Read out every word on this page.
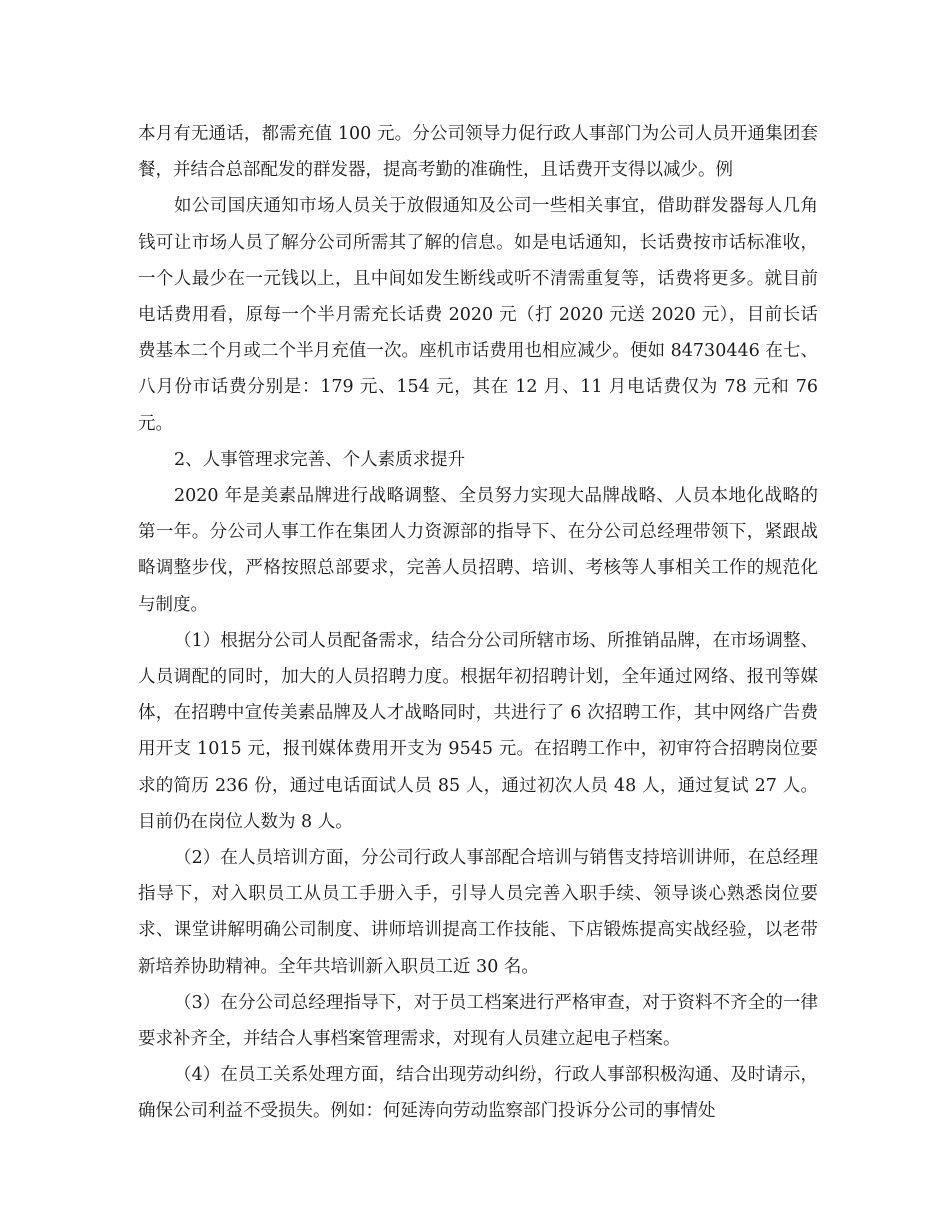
本月有无通话，都需充值 100 元。分公司领导力促行政人事部门为公司人员开通集团套餐，并结合总部配发的群发器，提高考勤的准确性，且话费开支得以减少。例

如公司国庆通知市场人员关于放假通知及公司一些相关事宜，借助群发器每人几角钱可让市场人员了解分公司所需其了解的信息。如是电话通知，长话费按市话标准收，一个人最少在一元钱以上，且中间如发生断线或听不清需重复等，话费将更多。就目前电话费用看，原每一个半月需充长话费 2020 元（打 2020 元送 2020 元），目前长话费基本二个月或二个半月充值一次。座机市话费用也相应减少。便如 84730446 在七、八月份市话费分别是：179 元、154 元，其在 12 月、11 月电话费仅为 78 元和 76 元。

2、人事管理求完善、个人素质求提升

2020 年是美素品牌进行战略调整、全员努力实现大品牌战略、人员本地化战略的第一年。分公司人事工作在集团人力资源部的指导下、在分公司总经理带领下，紧跟战略调整步伐，严格按照总部要求，完善人员招聘、培训、考核等人事相关工作的规范化与制度。

（1）根据分公司人员配备需求，结合分公司所辖市场、所推销品牌，在市场调整、人员调配的同时，加大的人员招聘力度。根据年初招聘计划，全年通过网络、报刊等媒体，在招聘中宣传美素品牌及人才战略同时，共进行了 6 次招聘工作，其中网络广告费用开支 1015 元，报刊媒体费用开支为 9545 元。在招聘工作中，初审符合招聘岗位要求的简历 236 份，通过电话面试人员 85 人，通过初次人员 48 人，通过复试 27 人。目前仍在岗位人数为 8 人。

（2）在人员培训方面，分公司行政人事部配合培训与销售支持培训讲师，在总经理指导下，对入职员工从员工手册入手，引导人员完善入职手续、领导谈心熟悉岗位要求、课堂讲解明确公司制度、讲师培训提高工作技能、下店锻炼提高实战经验，以老带新培养协助精神。全年共培训新入职员工近 30 名。

（3）在分公司总经理指导下，对于员工档案进行严格审查，对于资料不齐全的一律要求补齐全，并结合人事档案管理需求，对现有人员建立起电子档案。

（4）在员工关系处理方面，结合出现劳动纠纷，行政人事部积极沟通、及时请示，确保公司利益不受损失。例如：何延涛向劳动监察部门投诉分公司的事情处
